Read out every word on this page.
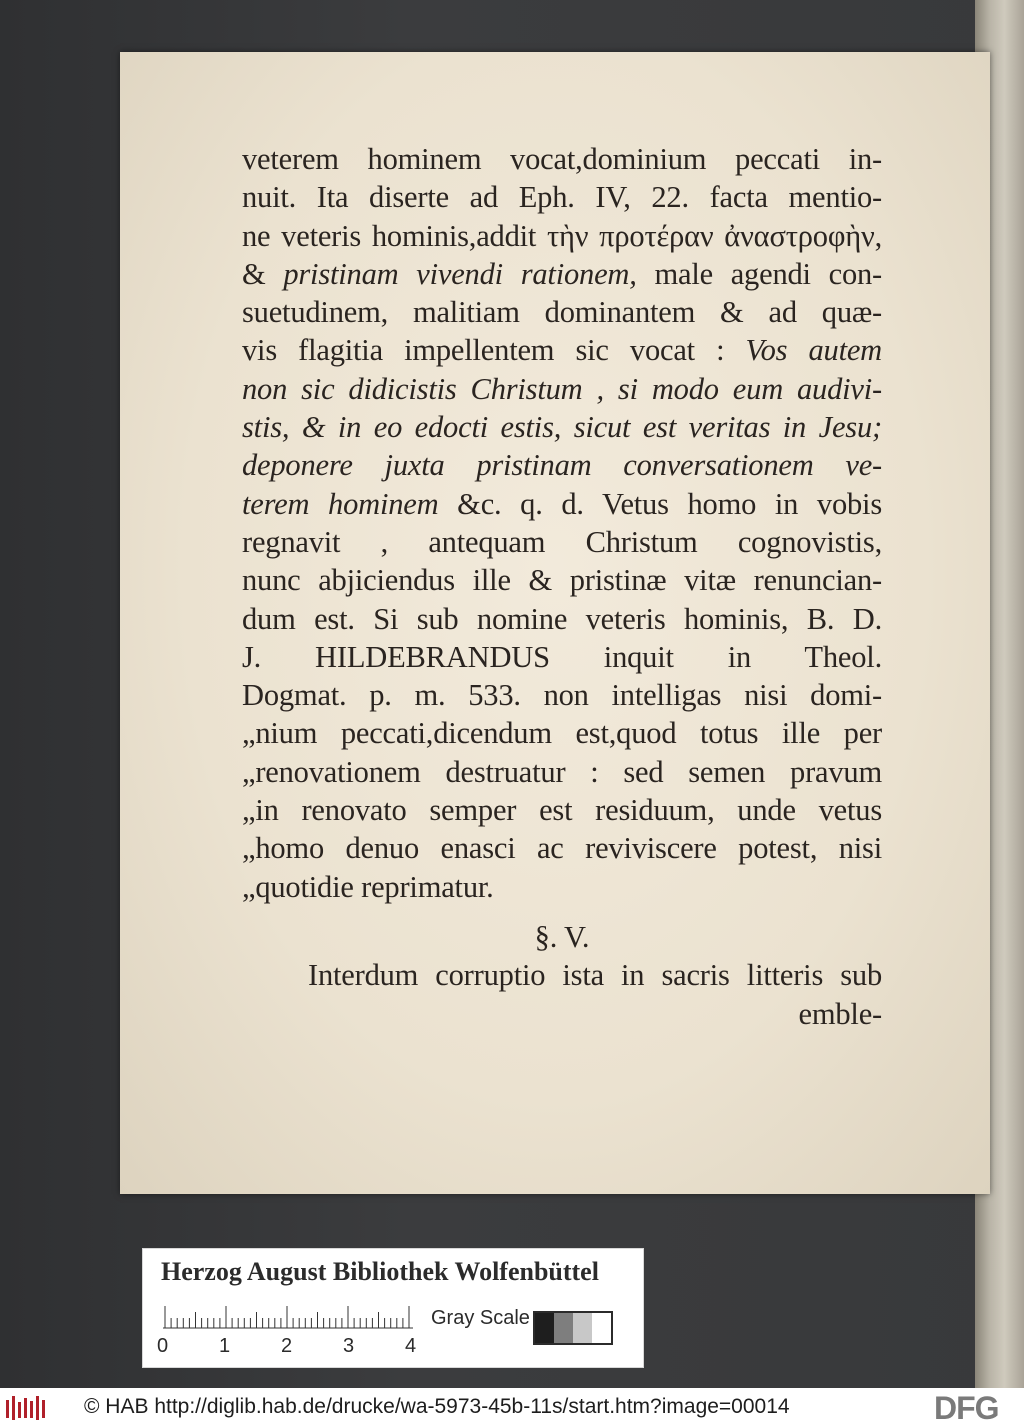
veterem hominem vocat,dominium peccati in-
nuit. Ita diserte ad Eph. IV, 22. facta mentio-
ne veteris hominis,addit τὴν προτέραν ἀναστροφὴν,
& pristinam vivendi rationem, male agendi con-
suetudinem, malitiam dominantem & ad quæ-
vis flagitia impellentem sic vocat : Vos autem
non sic didicistis Christum , si modo eum audivi-
stis, & in eo edocti estis, sicut est veritas in Jesu;
deponere juxta pristinam conversationem ve-
terem hominem &c. q. d. Vetus homo in vobis
regnavit , antequam Christum cognovistis,
nunc abjiciendus ille & pristinæ vitæ renuncian-
dum est. Si sub nomine veteris hominis, B. D.
J. HILDEBRANDUS inquit in Theol.
Dogmat. p. m. 533. non intelligas nisi domi-
„nium peccati,dicendum est,quod totus ille per
„renovationem destruatur : sed semen pravum
„in renovato semper est residuum, unde vetus
„homo denuo enasci ac reviviscere potest, nisi
„quotidie reprimatur.
§. V.
Interdum corruptio ista in sacris litteris sub
emble-
Herzog August Bibliothek Wolfenbüttel
0	1	2	3	4
Gray Scale
© HAB http://diglib.hab.de/drucke/wa-5973-45b-11s/start.htm?image=00014	DFG
